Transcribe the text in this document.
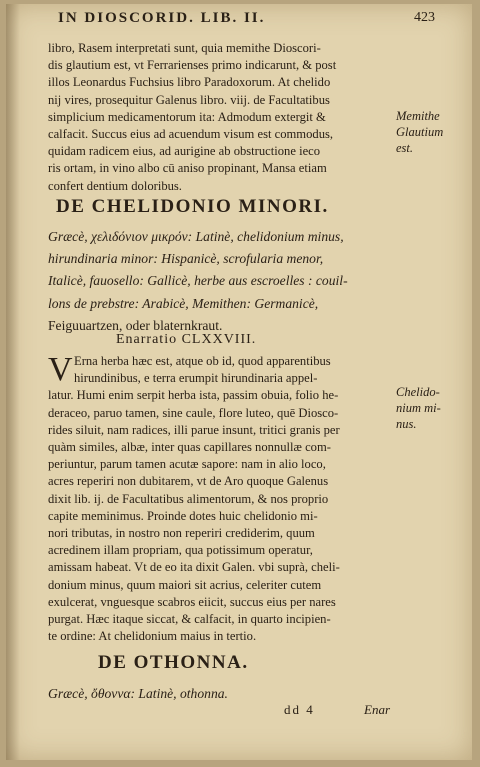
IN DIOSCORID. LIB. II.	423

libro, Rasem interpretati sunt, quia memithe Dioscori-
dis glautium est, vt Ferrarienses primo indicarunt, & post
illos Leonardus Fuchsius libro Paradoxorum. At chelido
nij vires, prosequitur Galenus libro. viij. de Facultatibus
simplicium medicamentorum ita: Admodum extergit &
calfacit. Succus eius ad acuendum visum est commodus,
quidam radicem eius, ad aurigine ab obstructione ieco
ris ortam, in vino albo cū aniso propinant, Mansa etiam
confert dentium doloribus.

Memithe
Glautium
est.

DE CHELIDONIO MINORI.

Græcè, χελιδόνιον μικρόν: Latinè, chelidonium minus,
hirundinaria minor: Hispanicè, scrofularia menor,
Italicè, fauosello: Gallicè, herbe aus escroelles : couil-
lons de prebstre: Arabicè, Memithen: Germanicè,
Feiguuartzen, oder blaternkraut.

Enarratio CLXXVIII.
V Erna herba hæc est, atque ob id, quod apparentibus
hirundinibus, e terra erumpit hirundinaria appel-
latur. Humi enim serpit herba ista, passim obuia, folio he-
deraceo, paruo tamen, sine caule, flore luteo, quē Diosco-
rides siluit, nam radices, illi parue insunt, tritici granis per
quàm similes, albæ, inter quas capillares nonnullæ com-
periuntur, parum tamen acutæ sapore: nam in alio loco,
acres reperiri non dubitarem, vt de Aro quoque Galenus
dixit lib. ij. de Facultatibus alimentorum, & nos proprio
capite meminimus. Proinde dotes huic chelidonio mi-
nori tributas, in nostro non reperiri crediderim, quum
acredinem illam propriam, qua potissimum operatur,
amissam habeat. Vt de eo ita dixit Galen. vbi suprà, cheli-
donium minus, quum maiori sit acrius, celeriter cutem
exulcerat, vnguesque scabros eiicit, succus eius per nares
purgat. Hæc itaque siccat, & calfacit, in quarto incipien-
te ordine: At chelidonium maius in tertio.

Chelido-
nium mi-
nus.

DE OTHONNA.

Græcè, ὄθοννα: Latinè, othonna.

dd 4	Enar
